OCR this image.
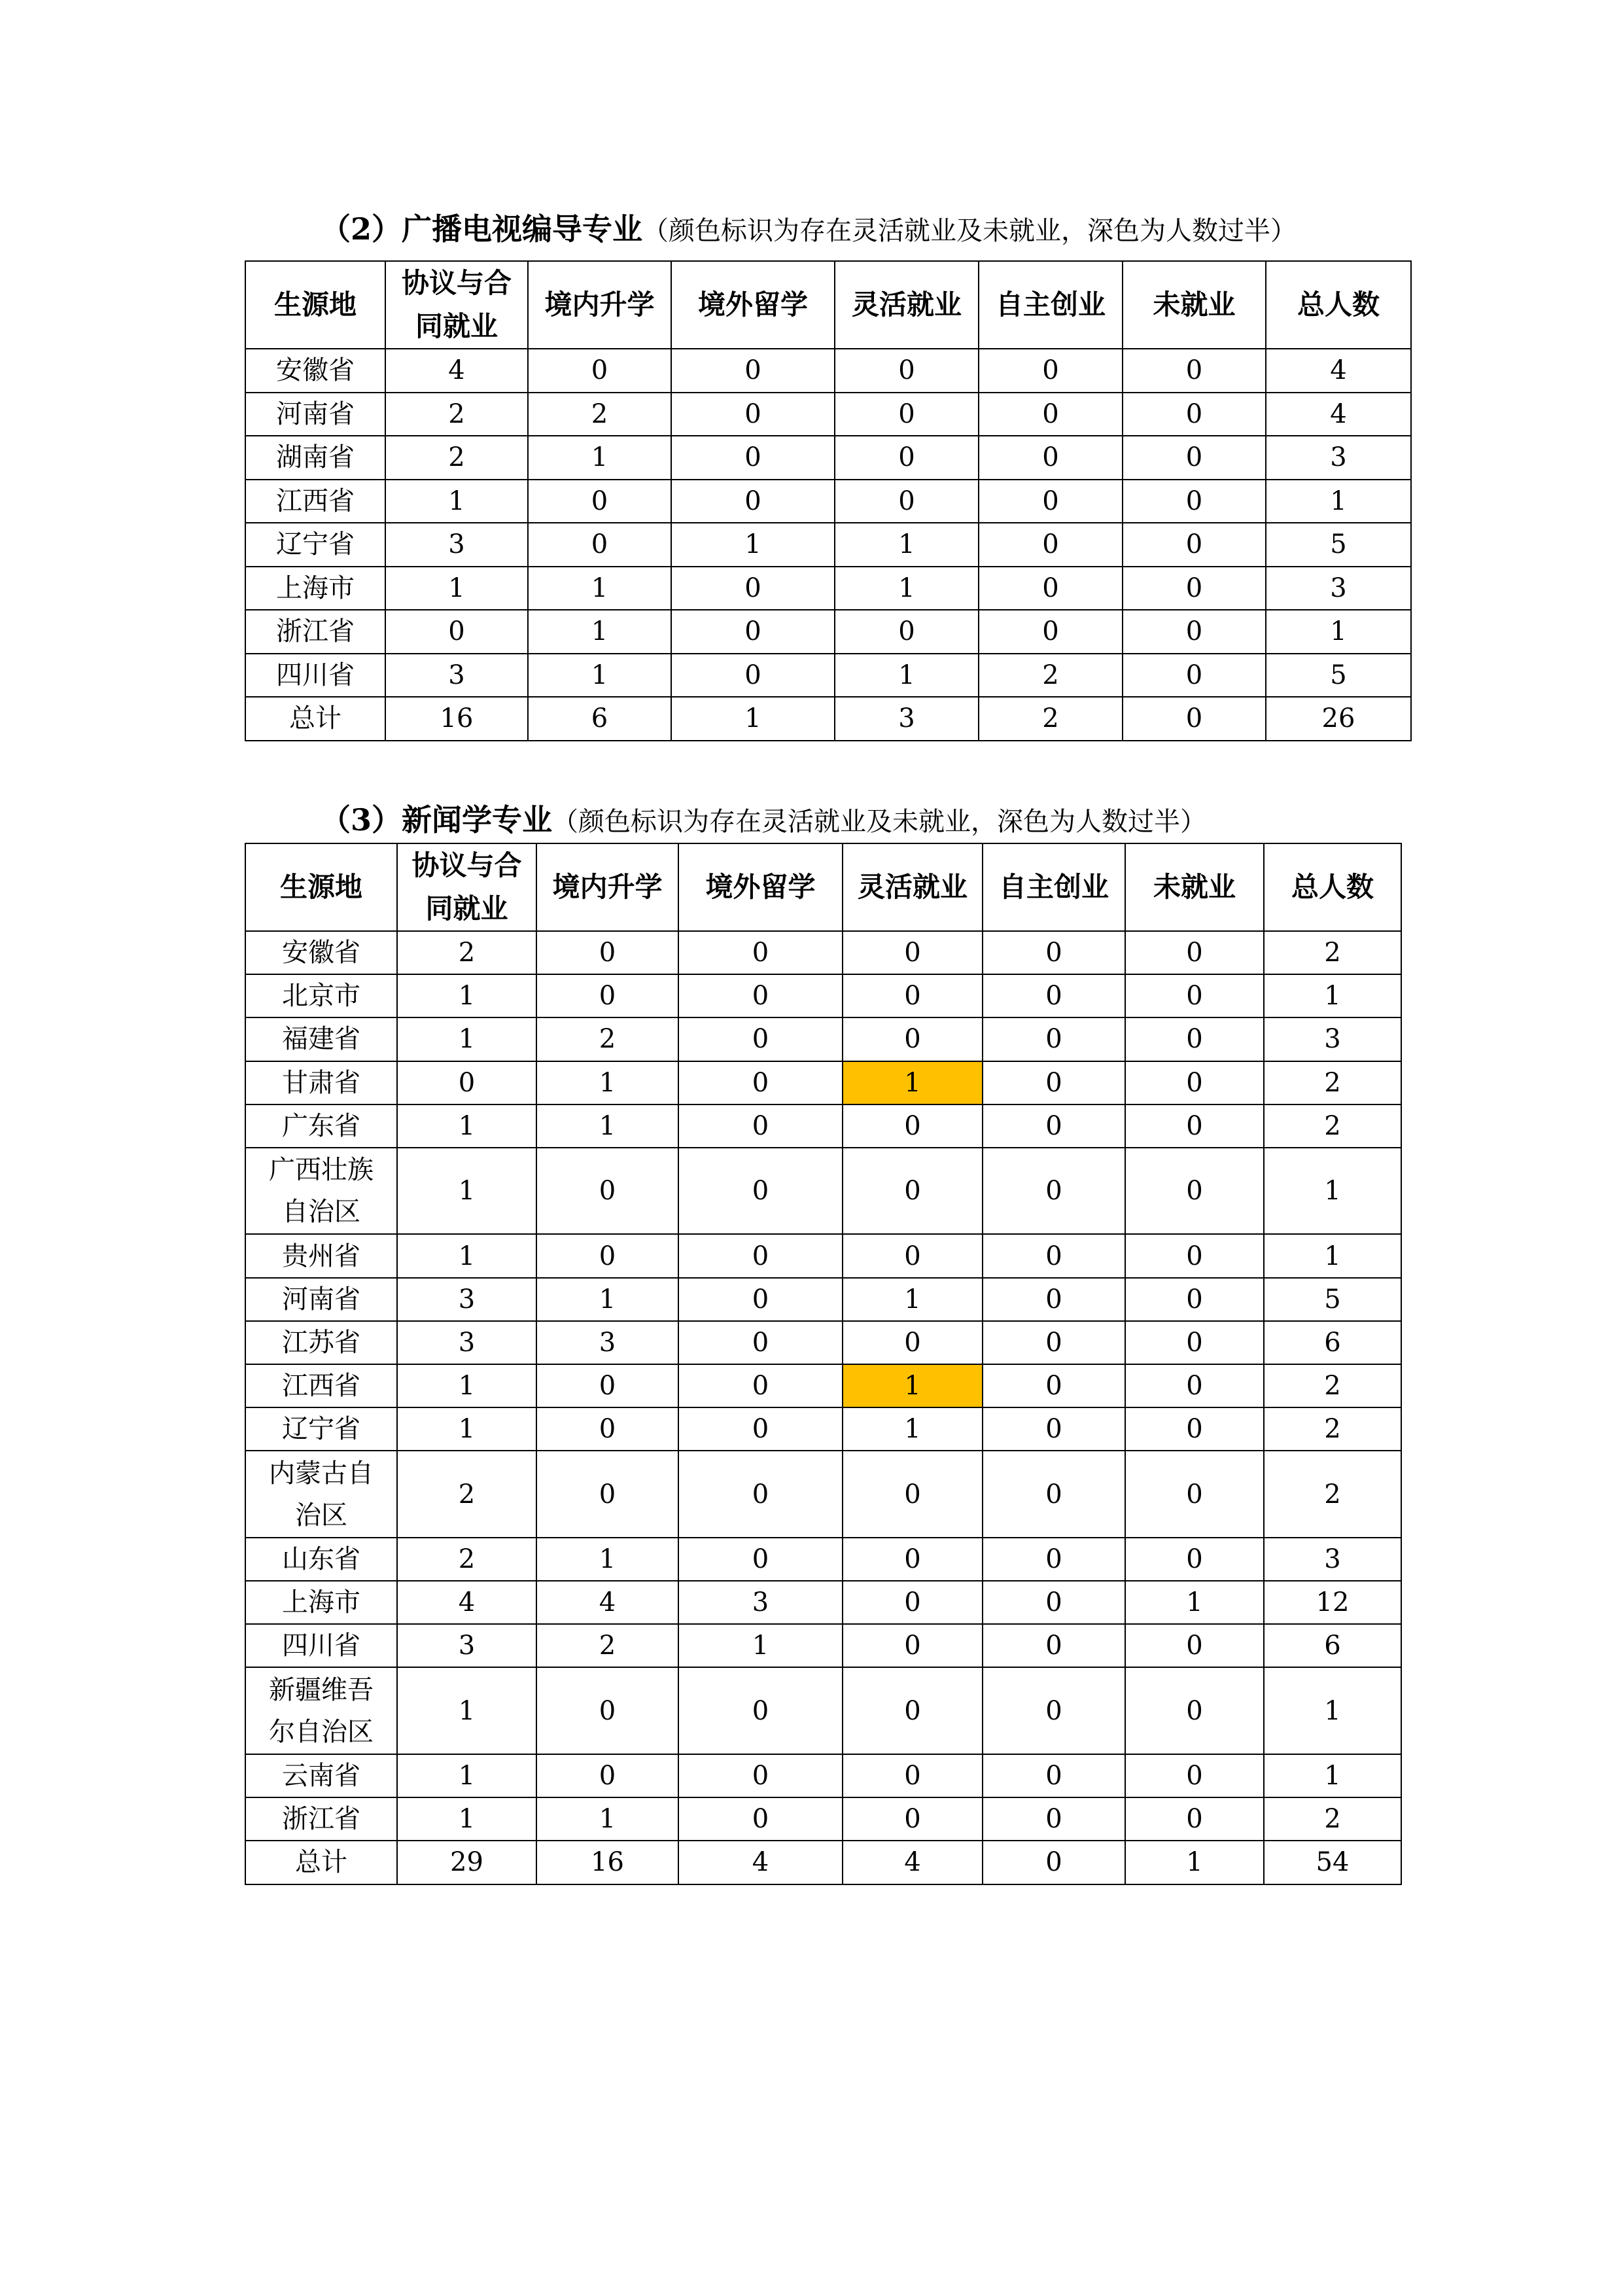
（2）广播电视编导专业（颜色标识为存在灵活就业及未就业，深色为人数过半）
生源地	协议与合同就业	境内升学	境外留学	灵活就业	自主创业	未就业	总人数
安徽省	4	0	0	0	0	0	4
河南省	2	2	0	0	0	0	4
湖南省	2	1	0	0	0	0	3
江西省	1	0	0	0	0	0	1
辽宁省	3	0	1	1	0	0	5
上海市	1	1	0	1	0	0	3
浙江省	0	1	0	0	0	0	1
四川省	3	1	0	1	2	0	5
总计	16	6	1	3	2	0	26
（3）新闻学专业（颜色标识为存在灵活就业及未就业，深色为人数过半）
生源地	协议与合同就业	境内升学	境外留学	灵活就业	自主创业	未就业	总人数
安徽省	2	0	0	0	0	0	2
北京市	1	0	0	0	0	0	1
福建省	1	2	0	0	0	0	3
甘肃省	0	1	0	1	0	0	2
广东省	1	1	0	0	0	0	2
广西壮族自治区	1	0	0	0	0	0	1
贵州省	1	0	0	0	0	0	1
河南省	3	1	0	1	0	0	5
江苏省	3	3	0	0	0	0	6
江西省	1	0	0	1	0	0	2
辽宁省	1	0	0	1	0	0	2
内蒙古自治区	2	0	0	0	0	0	2
山东省	2	1	0	0	0	0	3
上海市	4	4	3	0	0	1	12
四川省	3	2	1	0	0	0	6
新疆维吾尔自治区	1	0	0	0	0	0	1
云南省	1	0	0	0	0	0	1
浙江省	1	1	0	0	0	0	2
总计	29	16	4	4	0	1	54
